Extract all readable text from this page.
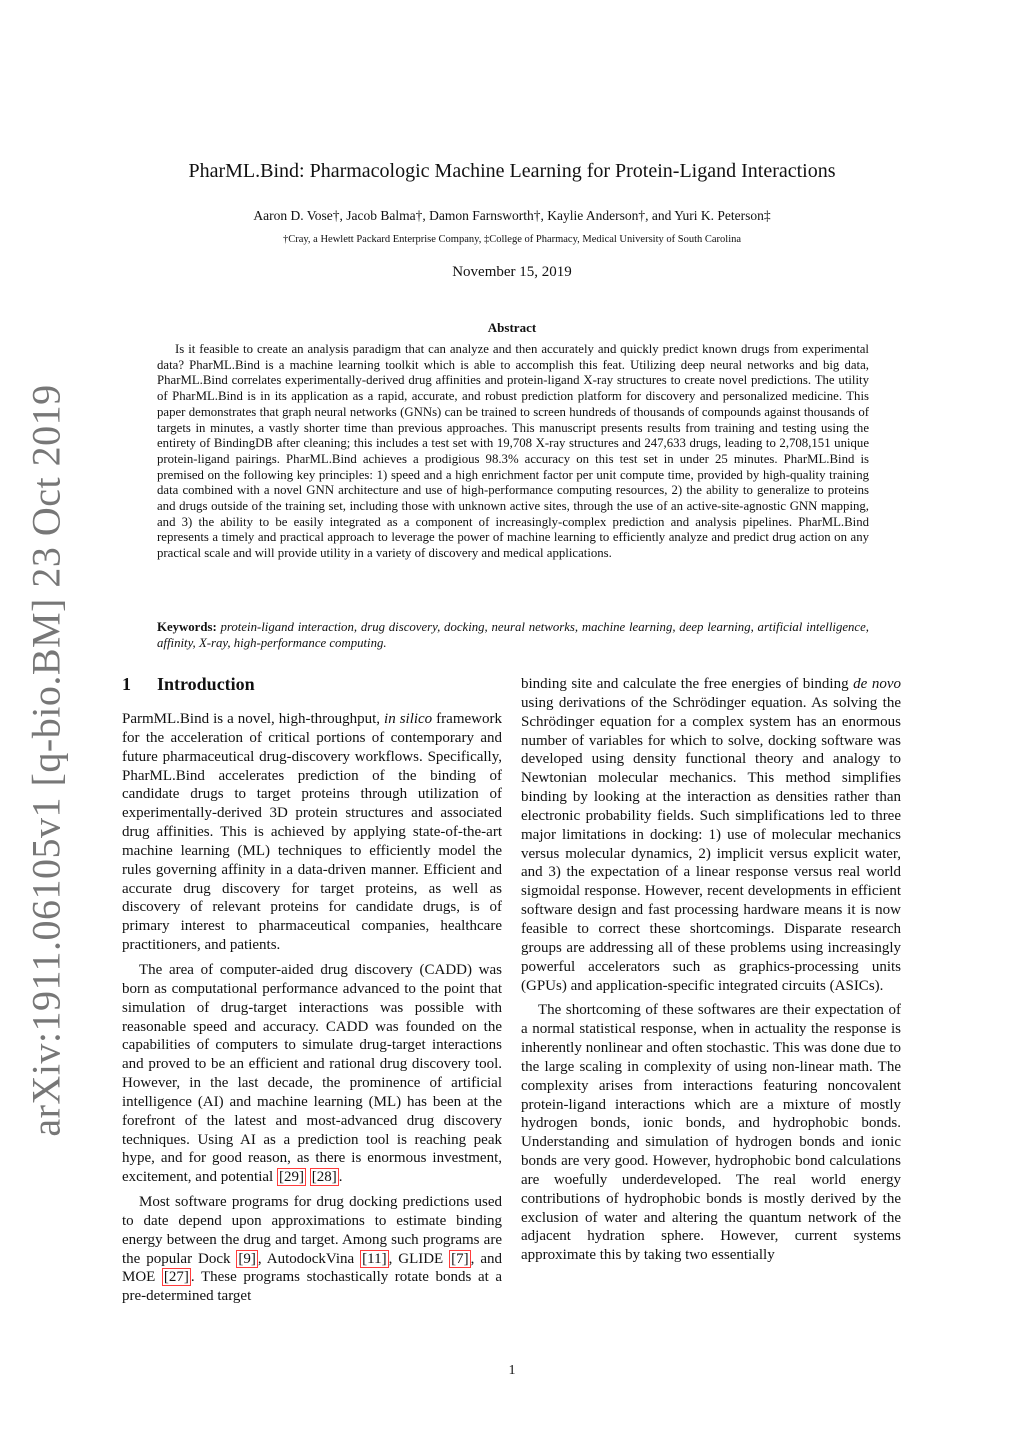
arXiv:1911.06105v1 [q-bio.BM] 23 Oct 2019
PharML.Bind: Pharmacologic Machine Learning for Protein-Ligand Interactions
Aaron D. Vose†, Jacob Balma†, Damon Farnsworth†, Kaylie Anderson†, and Yuri K. Peterson‡
†Cray, a Hewlett Packard Enterprise Company, ‡College of Pharmacy, Medical University of South Carolina
November 15, 2019
Abstract
Is it feasible to create an analysis paradigm that can analyze and then accurately and quickly predict known drugs from experimental data? PharML.Bind is a machine learning toolkit which is able to accomplish this feat. Utilizing deep neural networks and big data, PharML.Bind correlates experimentally-derived drug affinities and protein-ligand X-ray structures to create novel predictions. The utility of PharML.Bind is in its application as a rapid, accurate, and robust prediction platform for discovery and personalized medicine. This paper demonstrates that graph neural networks (GNNs) can be trained to screen hundreds of thousands of compounds against thousands of targets in minutes, a vastly shorter time than previous approaches. This manuscript presents results from training and testing using the entirety of BindingDB after cleaning; this includes a test set with 19,708 X-ray structures and 247,633 drugs, leading to 2,708,151 unique protein-ligand pairings. PharML.Bind achieves a prodigious 98.3% accuracy on this test set in under 25 minutes. PharML.Bind is premised on the following key principles: 1) speed and a high enrichment factor per unit compute time, provided by high-quality training data combined with a novel GNN architecture and use of high-performance computing resources, 2) the ability to generalize to proteins and drugs outside of the training set, including those with unknown active sites, through the use of an active-site-agnostic GNN mapping, and 3) the ability to be easily integrated as a component of increasingly-complex prediction and analysis pipelines. PharML.Bind represents a timely and practical approach to leverage the power of machine learning to efficiently analyze and predict drug action on any practical scale and will provide utility in a variety of discovery and medical applications.
Keywords: protein-ligand interaction, drug discovery, docking, neural networks, machine learning, deep learning, artificial intelligence, affinity, X-ray, high-performance computing.
1 Introduction

ParmML.Bind is a novel, high-throughput, in silico framework for the acceleration of critical portions of contemporary and future pharmaceutical drug-discovery workflows. Specifically, PharML.Bind accelerates prediction of the binding of candidate drugs to target proteins through utilization of experimentally-derived 3D protein structures and associated drug affinities. This is achieved by applying state-of-the-art machine learning (ML) techniques to efficiently model the rules governing affinity in a data-driven manner. Efficient and accurate drug discovery for target proteins, as well as discovery of relevant proteins for candidate drugs, is of primary interest to pharmaceutical companies, healthcare practitioners, and patients.

The area of computer-aided drug discovery (CADD) was born as computational performance advanced to the point that simulation of drug-target interactions was possible with reasonable speed and accuracy. CADD was founded on the capabilities of computers to simulate drug-target interactions and proved to be an efficient and rational drug discovery tool. However, in the last decade, the prominence of artificial intelligence (AI) and machine learning (ML) has been at the forefront of the latest and most-advanced drug discovery techniques. Using AI as a prediction tool is reaching peak hype, and for good reason, as there is enormous investment, excitement, and potential [29] [28] .

Most software programs for drug docking predictions used to date depend upon approximations to estimate binding energy between the drug and target. Among such programs are the popular Dock [9] , AutodockVina [11] , GLIDE [7] , and MOE [27] . These programs stochastically rotate bonds at a pre-determined target

binding site and calculate the free energies of binding de novo using derivations of the Schrödinger equation. As solving the Schrödinger equation for a complex system has an enormous number of variables for which to solve, docking software was developed using density functional theory and analogy to Newtonian molecular mechanics. This method simplifies binding by looking at the interaction as densities rather than electronic probability fields. Such simplifications led to three major limitations in docking: 1) use of molecular mechanics versus molecular dynamics, 2) implicit versus explicit water, and 3) the expectation of a linear response versus real world sigmoidal response. However, recent developments in efficient software design and fast processing hardware means it is now feasible to correct these shortcomings. Disparate research groups are addressing all of these problems using increasingly powerful accelerators such as graphics-processing units (GPUs) and application-specific integrated circuits (ASICs).

The shortcoming of these softwares are their expectation of a normal statistical response, when in actuality the response is inherently nonlinear and often stochastic. This was done due to the large scaling in complexity of using non-linear math. The complexity arises from interactions featuring noncovalent protein-ligand interactions which are a mixture of mostly hydrogen bonds, ionic bonds, and hydrophobic bonds. Understanding and simulation of hydrogen bonds and ionic bonds are very good. However, hydrophobic bond calculations are woefully underdeveloped. The real world energy contributions of hydrophobic bonds is mostly derived by the exclusion of water and altering the quantum network of the adjacent hydration sphere. However, current systems approximate this by taking two essentially

1
